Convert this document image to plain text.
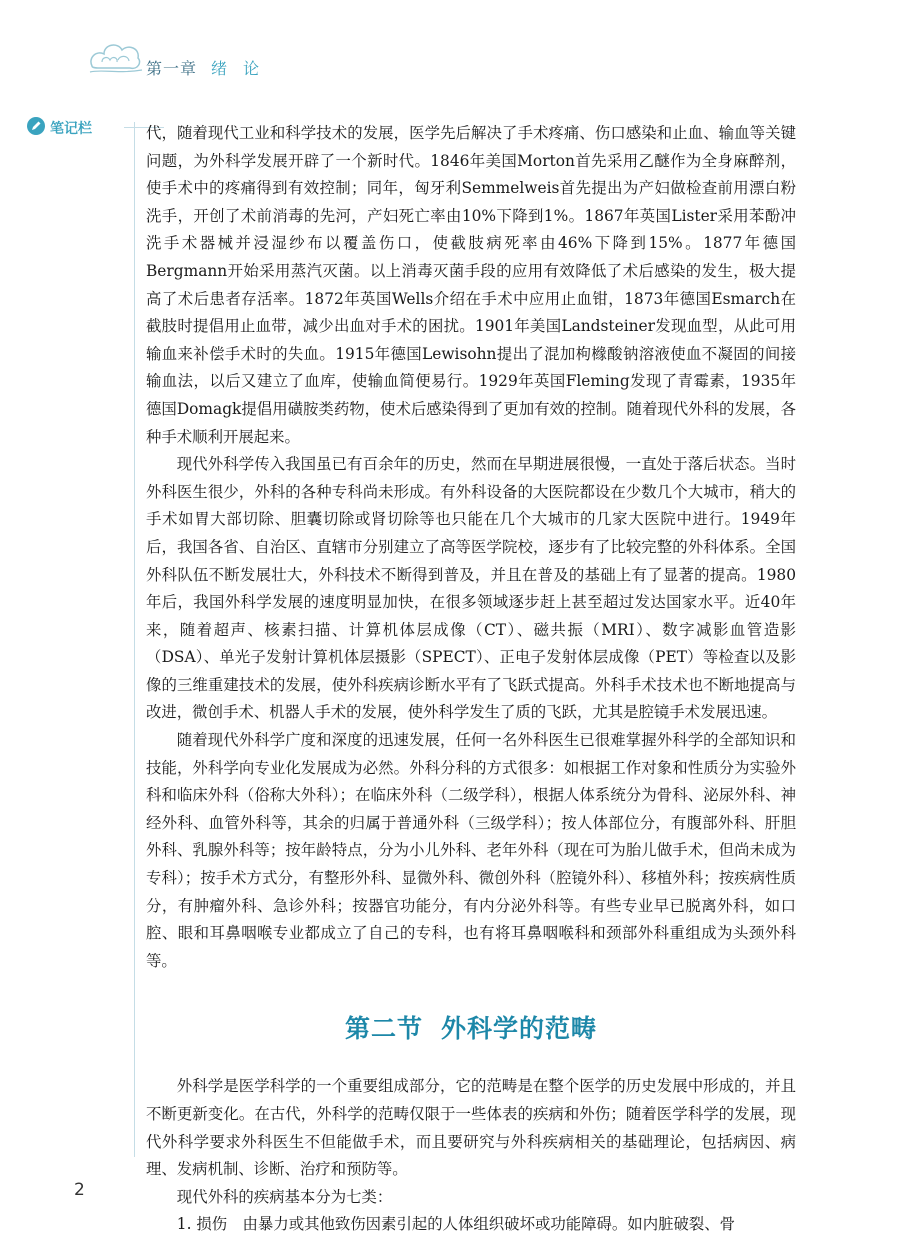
第一章 绪论
笔记栏	代，随着现代工业和科学技术的发展，医学先后解决了手术疼痛、伤口感染和止血、输血等关键问题，为外科学发展开辟了一个新时代。1846年美国Morton首先采用乙醚作为全身麻醉剂，使手术中的疼痛得到有效控制；同年，匈牙利Semmelweis首先提出为产妇做检查前用漂白粉洗手，开创了术前消毒的先河，产妇死亡率由10%下降到1%。1867年英国Lister采用苯酚冲洗手术器械并浸湿纱布以覆盖伤口，使截肢病死率由46%下降到15%。1877年德国Bergmann开始采用蒸汽灭菌。以上消毒灭菌手段的应用有效降低了术后感染的发生，极大提高了术后患者存活率。1872年英国Wells介绍在手术中应用止血钳，1873年德国Esmarch在截肢时提倡用止血带，减少出血对手术的困扰。1901年美国Landsteiner发现血型，从此可用输血来补偿手术时的失血。1915年德国Lewisohn提出了混加枸橼酸钠溶液使血不凝固的间接输血法，以后又建立了血库，使输血简便易行。1929年英国Fleming发现了青霉素，1935年德国Domagk提倡用磺胺类药物，使术后感染得到了更加有效的控制。随着现代外科的发展，各种手术顺利开展起来。

现代外科学传入我国虽已有百余年的历史，然而在早期进展很慢，一直处于落后状态。当时外科医生很少，外科的各种专科尚未形成。有外科设备的大医院都设在少数几个大城市，稍大的手术如胃大部切除、胆囊切除或肾切除等也只能在几个大城市的几家大医院中进行。1949年后，我国各省、自治区、直辖市分别建立了高等医学院校，逐步有了比较完整的外科体系。全国外科队伍不断发展壮大，外科技术不断得到普及，并且在普及的基础上有了显著的提高。1980年后，我国外科学发展的速度明显加快，在很多领域逐步赶上甚至超过发达国家水平。近40年来，随着超声、核素扫描、计算机体层成像（CT）、磁共振（MRI）、数字减影血管造影（DSA）、单光子发射计算机体层摄影（SPECT）、正电子发射体层成像（PET）等检查以及影像的三维重建技术的发展，使外科疾病诊断水平有了飞跃式提高。外科手术技术也不断地提高与改进，微创手术、机器人手术的发展，使外科学发生了质的飞跃，尤其是腔镜手术发展迅速。

随着现代外科学广度和深度的迅速发展，任何一名外科医生已很难掌握外科学的全部知识和技能，外科学向专业化发展成为必然。外科分科的方式很多：如根据工作对象和性质分为实验外科和临床外科（俗称大外科）；在临床外科（二级学科），根据人体系统分为骨科、泌尿外科、神经外科、血管外科等，其余的归属于普通外科（三级学科）；按人体部位分，有腹部外科、肝胆外科、乳腺外科等；按年龄特点，分为小儿外科、老年外科（现在可为胎儿做手术，但尚未成为专科）；按手术方式分，有整形外科、显微外科、微创外科（腔镜外科）、移植外科；按疾病性质分，有肿瘤外科、急诊外科；按器官功能分，有内分泌外科等。有些专业早已脱离外科，如口腔、眼和耳鼻咽喉专业都成立了自己的专科，也有将耳鼻咽喉科和颈部外科重组成为头颈外科等。

第二节 外科学的范畴

外科学是医学科学的一个重要组成部分，它的范畴是在整个医学的历史发展中形成的，并且不断更新变化。在古代，外科学的范畴仅限于一些体表的疾病和外伤；随着医学科学的发展，现代外科学要求外科医生不但能做手术，而且要研究与外科疾病相关的基础理论，包括病因、病理、发病机制、诊断、治疗和预防等。

现代外科的疾病基本分为七类：

1. 损伤　由暴力或其他致伤因素引起的人体组织破坏或功能障碍。如内脏破裂、骨

2
